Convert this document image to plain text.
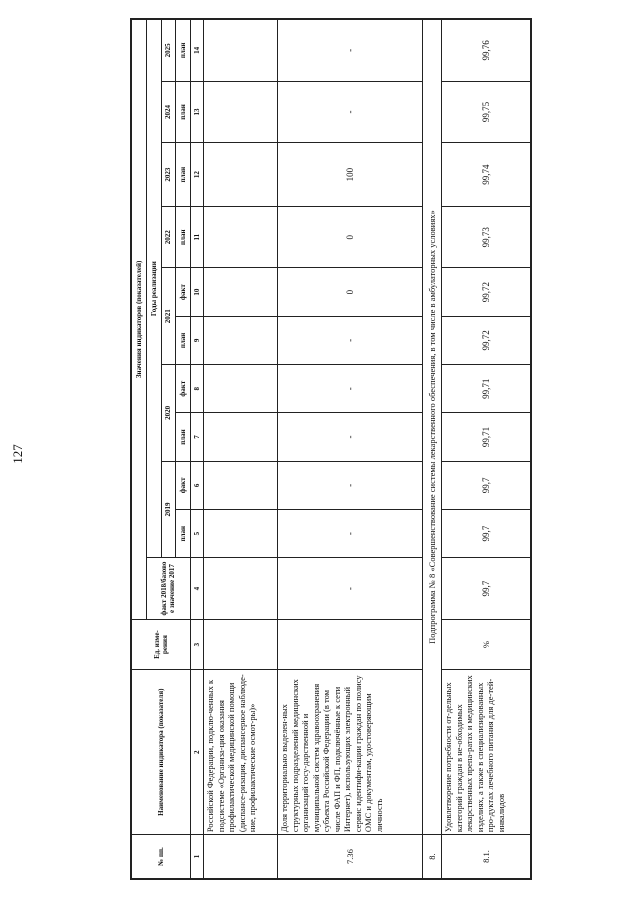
127
№ пп.	Наименование индикатора (показателя)	Ед. изме-рения	Значения индикаторов (показателей)										
			факт 2018/базово е значение 2017	Годы реализации									
				2019		2020		2021		2022	2023	2024	2025
				план	факт	план	факт	план	факт	план	план	план	план
1	2	3	4	5	6	7	8	9	10	11	12	13	14
	Российской Федерации, подклю-ченных к подсистеме «Организа-ция оказания профилактической медицинской помощи (диспансе-ризация, диспансерное наблюде-ние, профилактические осмот-ры)»												
7.36	Доля территориально выделен-ных структурных подразделений медицинских организаций госу-дарственной и муниципальной систем здравоохранения субъекта Российской Федерации (в том числе ФАП и ФП, подключённые к сети Интернет), использующих электронный сервис идентифи-кации граждан по полису ОМС и документам, удостоверяющим личность		-	-	-	-	-	-	0	0	100	-	-
8.	Подпрограмма № 8 «Совершенствование системы лекарственного обеспечения, в том числе в амбулаторных условиях»												
8.1.	Удовлетворение потребности от-дельных категорий граждан в не-обходимых лекарственных препа-ратах и медицинских изделиях, а также в специализированных про-дуктах лечебного питания для де-тей-инвалидов	%	99,7	99,7	99,7	99,71	99,71	99,72	99,72	99,73	99,74	99,75	99,76
